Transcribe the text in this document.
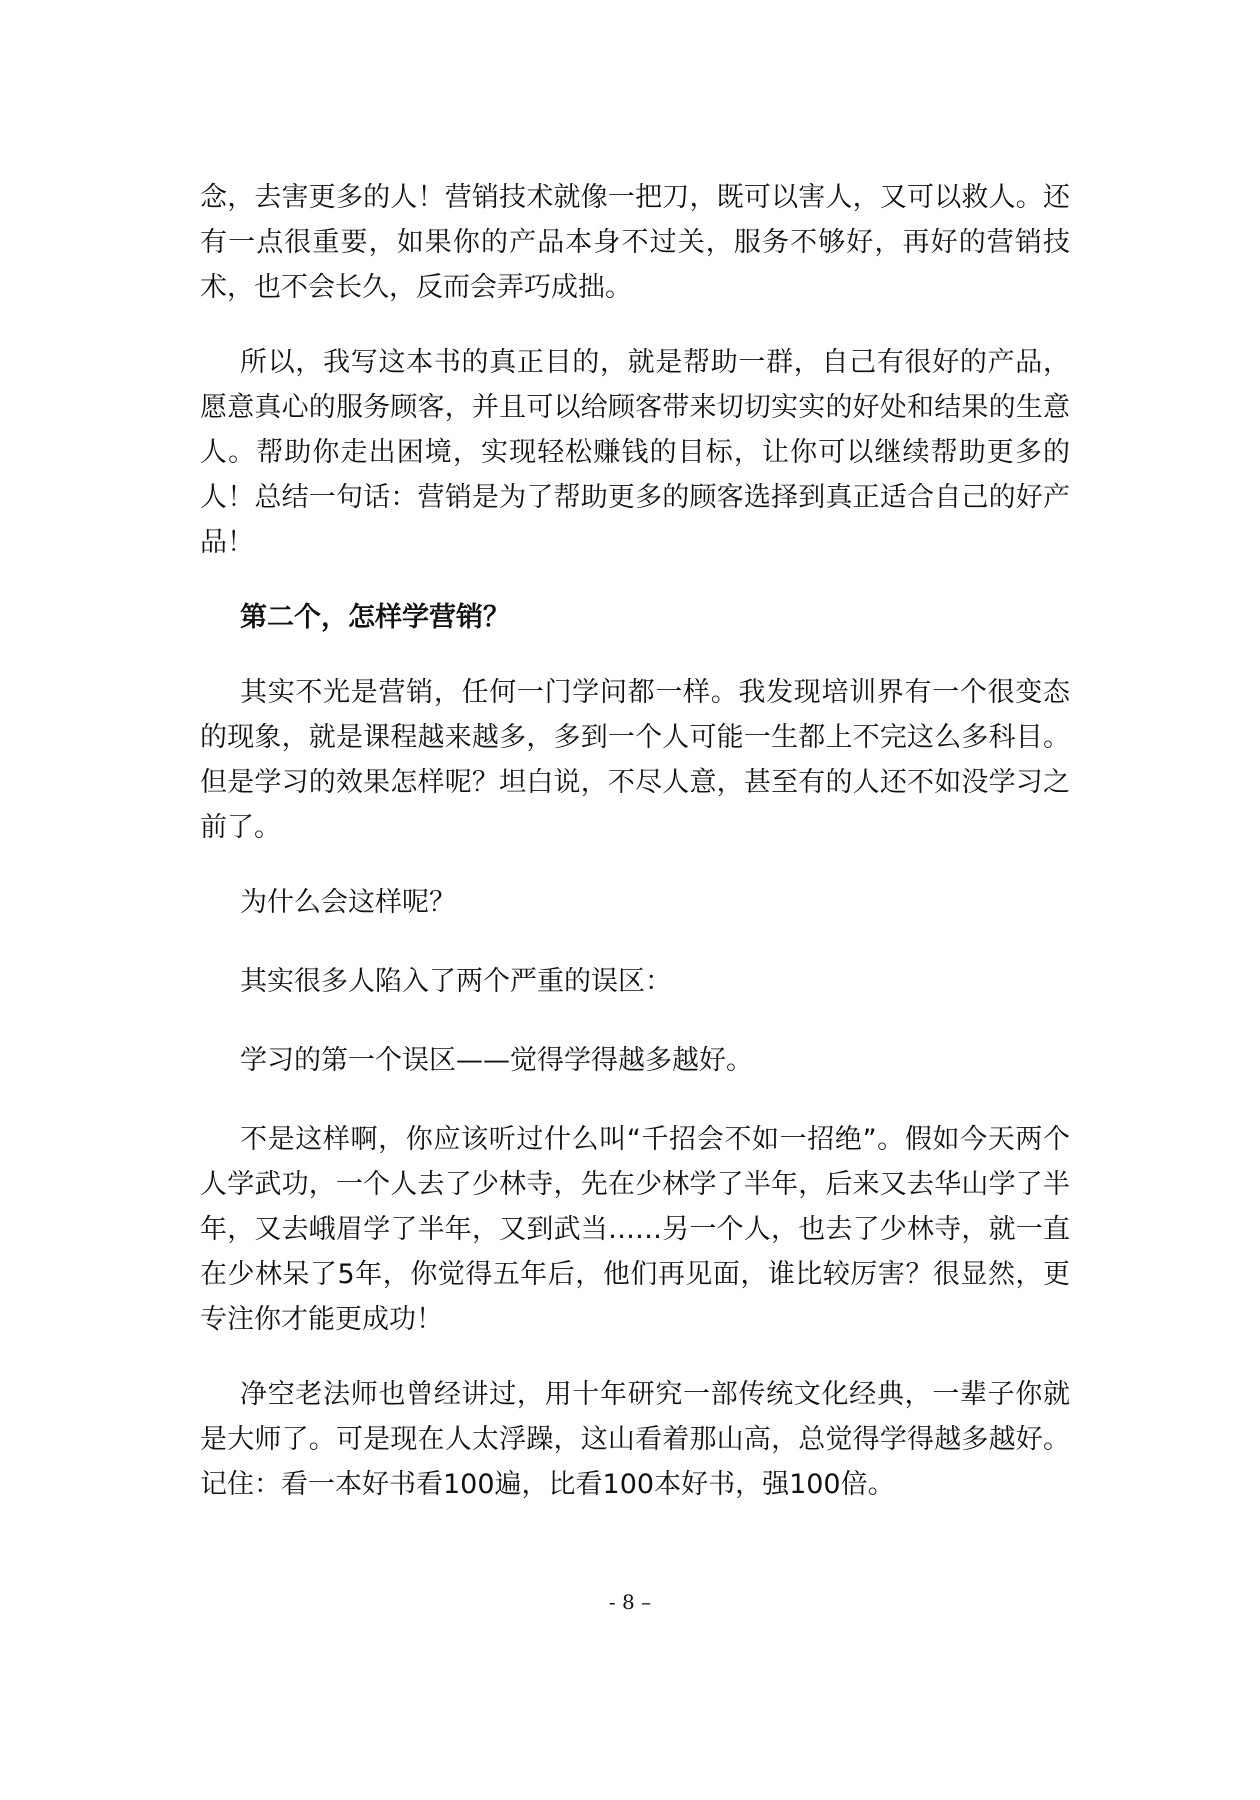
念，去害更多的人！营销技术就像一把刀，既可以害人，又可以救人。还有一点很重要，如果你的产品本身不过关，服务不够好，再好的营销技术，也不会长久，反而会弄巧成拙。

所以，我写这本书的真正目的，就是帮助一群，自己有很好的产品，愿意真心的服务顾客，并且可以给顾客带来切切实实的好处和结果的生意人。帮助你走出困境，实现轻松赚钱的目标，让你可以继续帮助更多的人！总结一句话：营销是为了帮助更多的顾客选择到真正适合自己的好产品！

第二个，怎样学营销？

其实不光是营销，任何一门学问都一样。我发现培训界有一个很变态的现象，就是课程越来越多，多到一个人可能一生都上不完这么多科目。但是学习的效果怎样呢？坦白说，不尽人意，甚至有的人还不如没学习之前了。

为什么会这样呢？

其实很多人陷入了两个严重的误区：

学习的第一个误区——觉得学得越多越好。

不是这样啊，你应该听过什么叫“千招会不如一招绝”。假如今天两个人学武功，一个人去了少林寺，先在少林学了半年，后来又去华山学了半年，又去峨眉学了半年，又到武当……另一个人，也去了少林寺，就一直在少林呆了5年，你觉得五年后，他们再见面，谁比较厉害？很显然，更专注你才能更成功！

净空老法师也曾经讲过，用十年研究一部传统文化经典，一辈子你就是大师了。可是现在人太浮躁，这山看着那山高，总觉得学得越多越好。记住：看一本好书看100遍，比看100本好书，强100倍。

- 8 –
